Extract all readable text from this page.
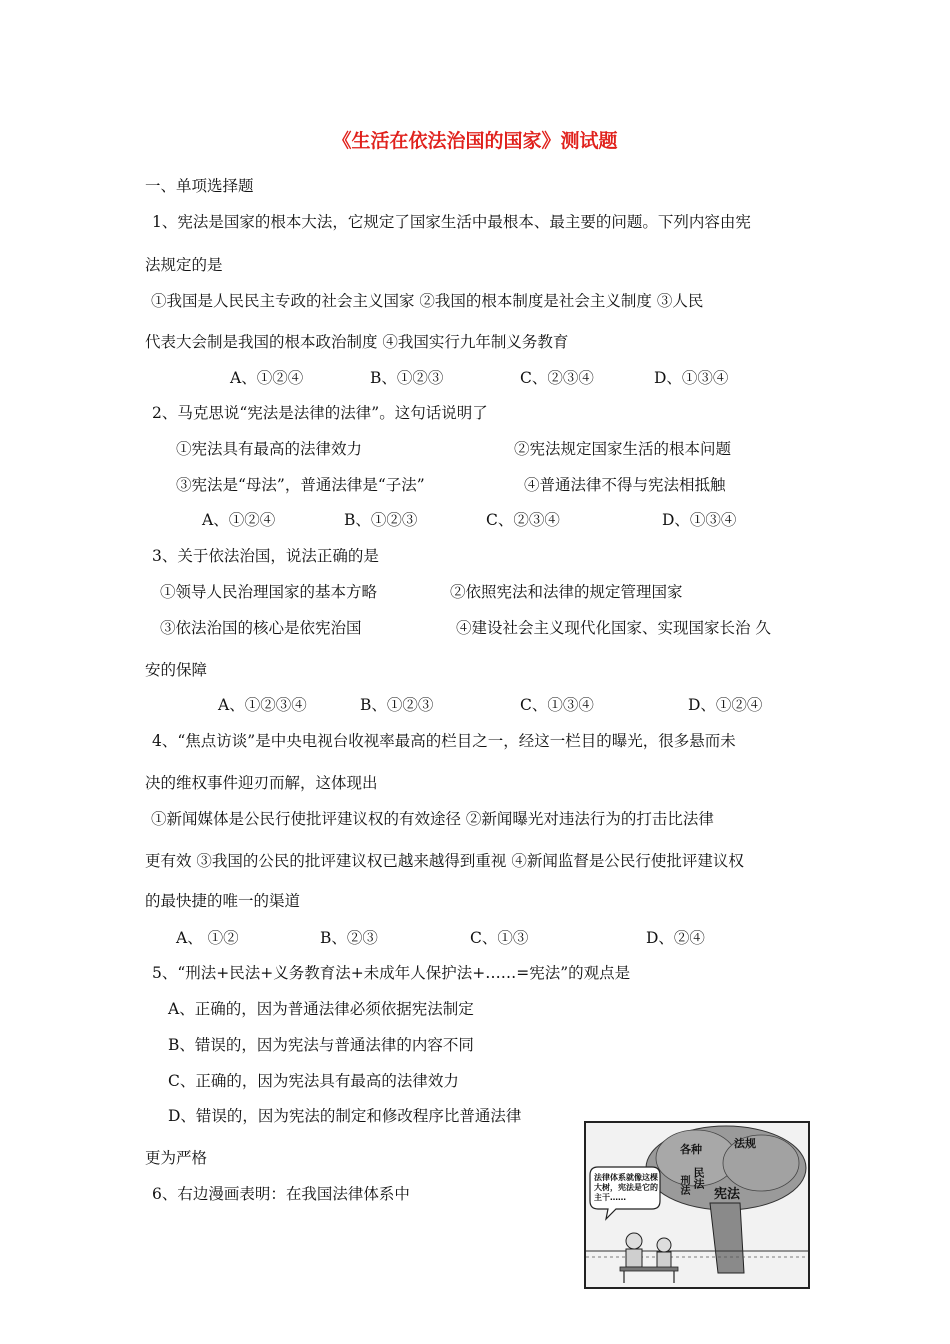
《生活在依法治国的国家》测试题
一、单项选择题
1、宪法是国家的根本大法，它规定了国家生活中最根本、最主要的问题。下列内容由宪
法规定的是
①我国是人民民主专政的社会主义国家 ②我国的根本制度是社会主义制度 ③人民
代表大会制是我国的根本政治制度 ④我国实行九年制义务教育
A、①②④	B、①②③	C、②③④	D、①③④
2、马克思说“宪法是法律的法律”。这句话说明了
①宪法具有最高的法律效力	②宪法规定国家生活的根本问题
③宪法是“母法”，普通法律是“子法”	④普通法律不得与宪法相抵触
A、①②④	B、①②③	C、②③④	D、①③④
3、关于依法治国，说法正确的是
①领导人民治理国家的基本方略	②依照宪法和法律的规定管理国家
③依法治国的核心是依宪治国	④建设社会主义现代化国家、实现国家长治 久
安的保障
A、①②③④	B、①②③	C、①③④	D、①②④
4、“焦点访谈”是中央电视台收视率最高的栏目之一，经这一栏目的曝光，很多悬而未
决的维权事件迎刃而解，这体现出
①新闻媒体是公民行使批评建议权的有效途径 ②新闻曝光对违法行为的打击比法律
更有效 ③我国的公民的批评建议权已越来越得到重视 ④新闻监督是公民行使批评建议权
的最快捷的唯一的渠道
A、 ①②	B、②③	C、①③	D、②④
5、“刑法+民法+义务教育法+未成年人保护法+……=宪法”的观点是
A、正确的，因为普通法律必须依据宪法制定
B、错误的，因为宪法与普通法律的内容不同
C、正确的，因为宪法具有最高的法律效力
D、错误的，因为宪法的制定和修改程序比普通法律
更为严格
6、右边漫画表明：在我国法律体系中
法律体系就像这棵大树，宪法是它的主干……
各种	法规
民法
刑法 宪法
